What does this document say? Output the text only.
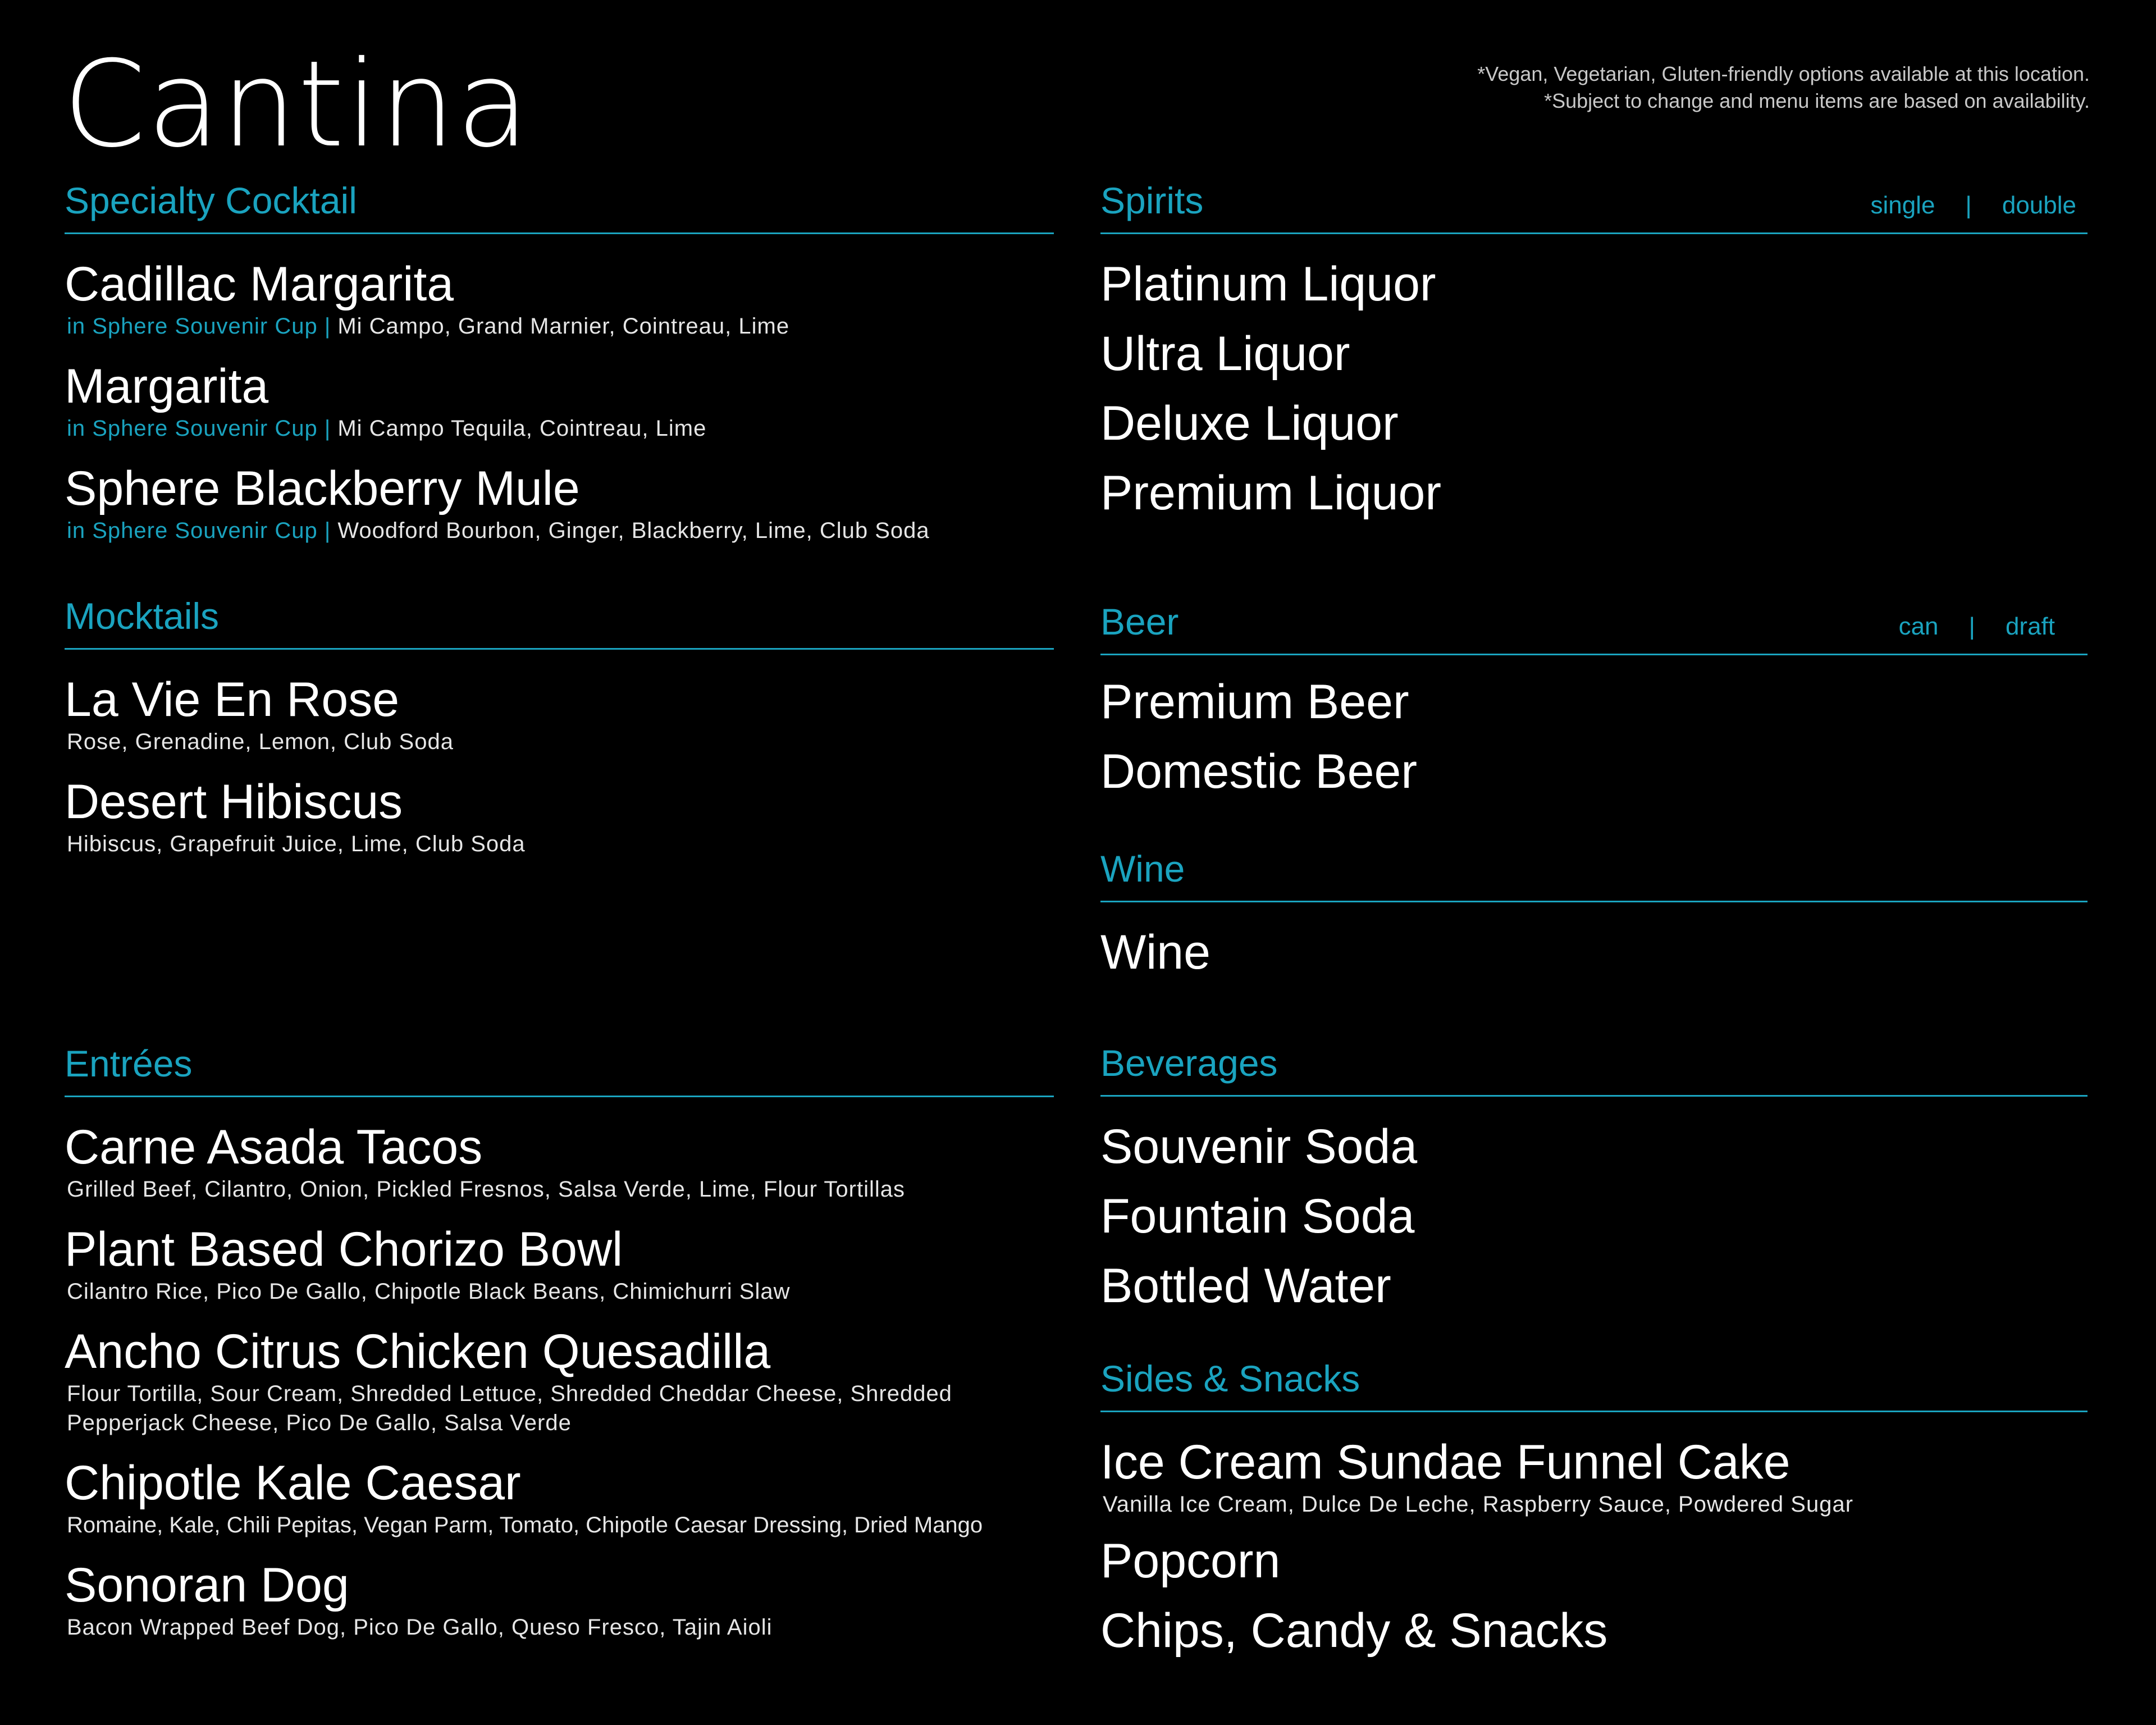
Cantina	*Vegan, Vegetarian, Gluten-friendly options available at this location.
*Subject to change and menu items are based on availability.
Specialty Cocktail
Cadillac Margarita
in Sphere Souvenir Cup | Mi Campo, Grand Marnier, Cointreau, Lime
Margarita
in Sphere Souvenir Cup | Mi Campo Tequila, Cointreau, Lime
Sphere Blackberry Mule
in Sphere Souvenir Cup | Woodford Bourbon, Ginger, Blackberry, Lime, Club Soda
Mocktails
La Vie En Rose
Rose, Grenadine, Lemon, Club Soda
Desert Hibiscus
Hibiscus, Grapefruit Juice, Lime, Club Soda
Entrées
Carne Asada Tacos
Grilled Beef, Cilantro, Onion, Pickled Fresnos, Salsa Verde, Lime, Flour Tortillas
Plant Based Chorizo Bowl
Cilantro Rice, Pico De Gallo, Chipotle Black Beans, Chimichurri Slaw
Ancho Citrus Chicken Quesadilla
Flour Tortilla, Sour Cream, Shredded Lettuce, Shredded Cheddar Cheese, Shredded Pepperjack Cheese, Pico De Gallo, Salsa Verde
Chipotle Kale Caesar
Romaine, Kale, Chili Pepitas, Vegan Parm, Tomato, Chipotle Caesar Dressing, Dried Mango
Sonoran Dog
Bacon Wrapped Beef Dog, Pico De Gallo, Queso Fresco, Tajin Aioli
Spirits	single | double
Platinum Liquor
Ultra Liquor
Deluxe Liquor
Premium Liquor
Beer	can | draft
Premium Beer
Domestic Beer
Wine
Wine
Beverages
Souvenir Soda
Fountain Soda
Bottled Water
Sides & Snacks
Ice Cream Sundae Funnel Cake
Vanilla Ice Cream, Dulce De Leche, Raspberry Sauce, Powdered Sugar
Popcorn
Chips, Candy & Snacks
